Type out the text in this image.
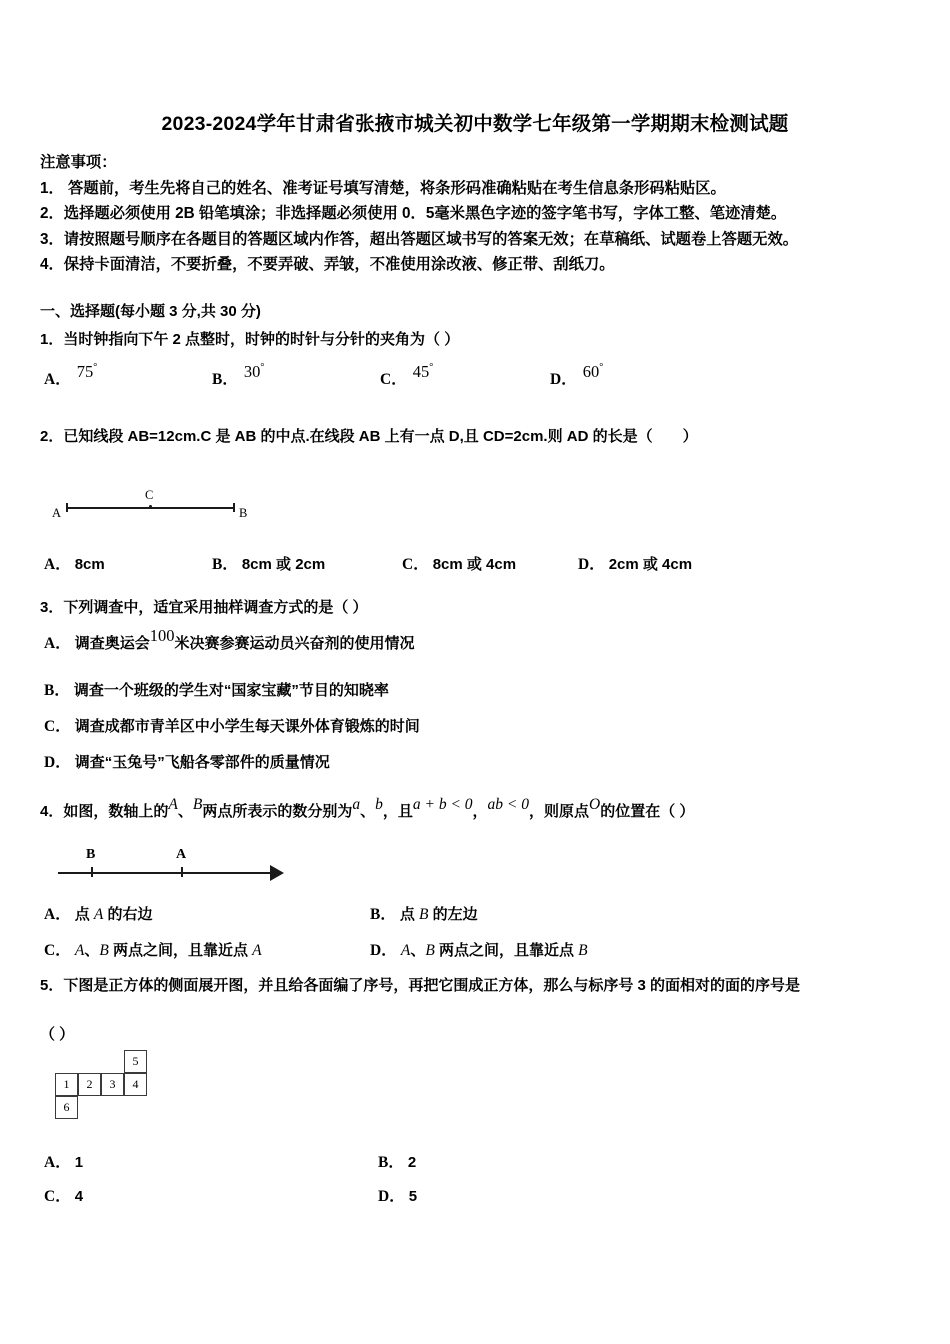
2023-2024学年甘肃省张掖市城关初中数学七年级第一学期期末检测试题
注意事项：
1． 答题前，考生先将自己的姓名、准考证号填写清楚，将条形码准确粘贴在考生信息条形码粘贴区。
2．选择题必须使用 2B 铅笔填涂；非选择题必须使用 0．5毫米黑色字迹的签字笔书写，字体工整、笔迹清楚。
3．请按照题号顺序在各题目的答题区域内作答，超出答题区域书写的答案无效；在草稿纸、试题卷上答题无效。
4．保持卡面清洁，不要折叠，不要弄破、弄皱，不准使用涂改液、修正带、刮纸刀。
一、选择题(每小题 3 分,共 30 分)
1．当时钟指向下午 2 点整时，时钟的时针与分针的夹角为（ ）
A． 75°
B． 30°
C． 45°
D． 60°
2．已知线段 AB=12cm.C 是 AB 的中点.在线段 AB 上有一点 D,且 CD=2cm.则 AD 的长是（　　）
A
C
B
A． 8cm	B． 8cm 或 2cm	C． 8cm 或 4cm	D． 2cm 或 4cm
3．下列调查中，适宜采用抽样调查方式的是（ ）
A． 调查奥运会100米决赛参赛运动员兴奋剂的使用情况
B． 调查一个班级的学生对“国家宝藏”节目的知晓率
C． 调查成都市青羊区中小学生每天课外体育锻炼的时间
D． 调查“玉兔号”飞船各零部件的质量情况
4．如图，数轴上的A、B两点所表示的数分别为a、b，且a + b < 0，ab < 0，则原点O的位置在（ ）
B	A
A． 点 A 的右边	B． 点 B 的左边
C． A、B 两点之间，且靠近点 A	D． A、B 两点之间，且靠近点 B
5．下图是正方体的侧面展开图，并且给各面编了序号，再把它围成正方体，那么与标序号 3 的面相对的面的序号是
（ ）
5
1	2	3	4
6
A． 1	B． 2
C． 4	D． 5
